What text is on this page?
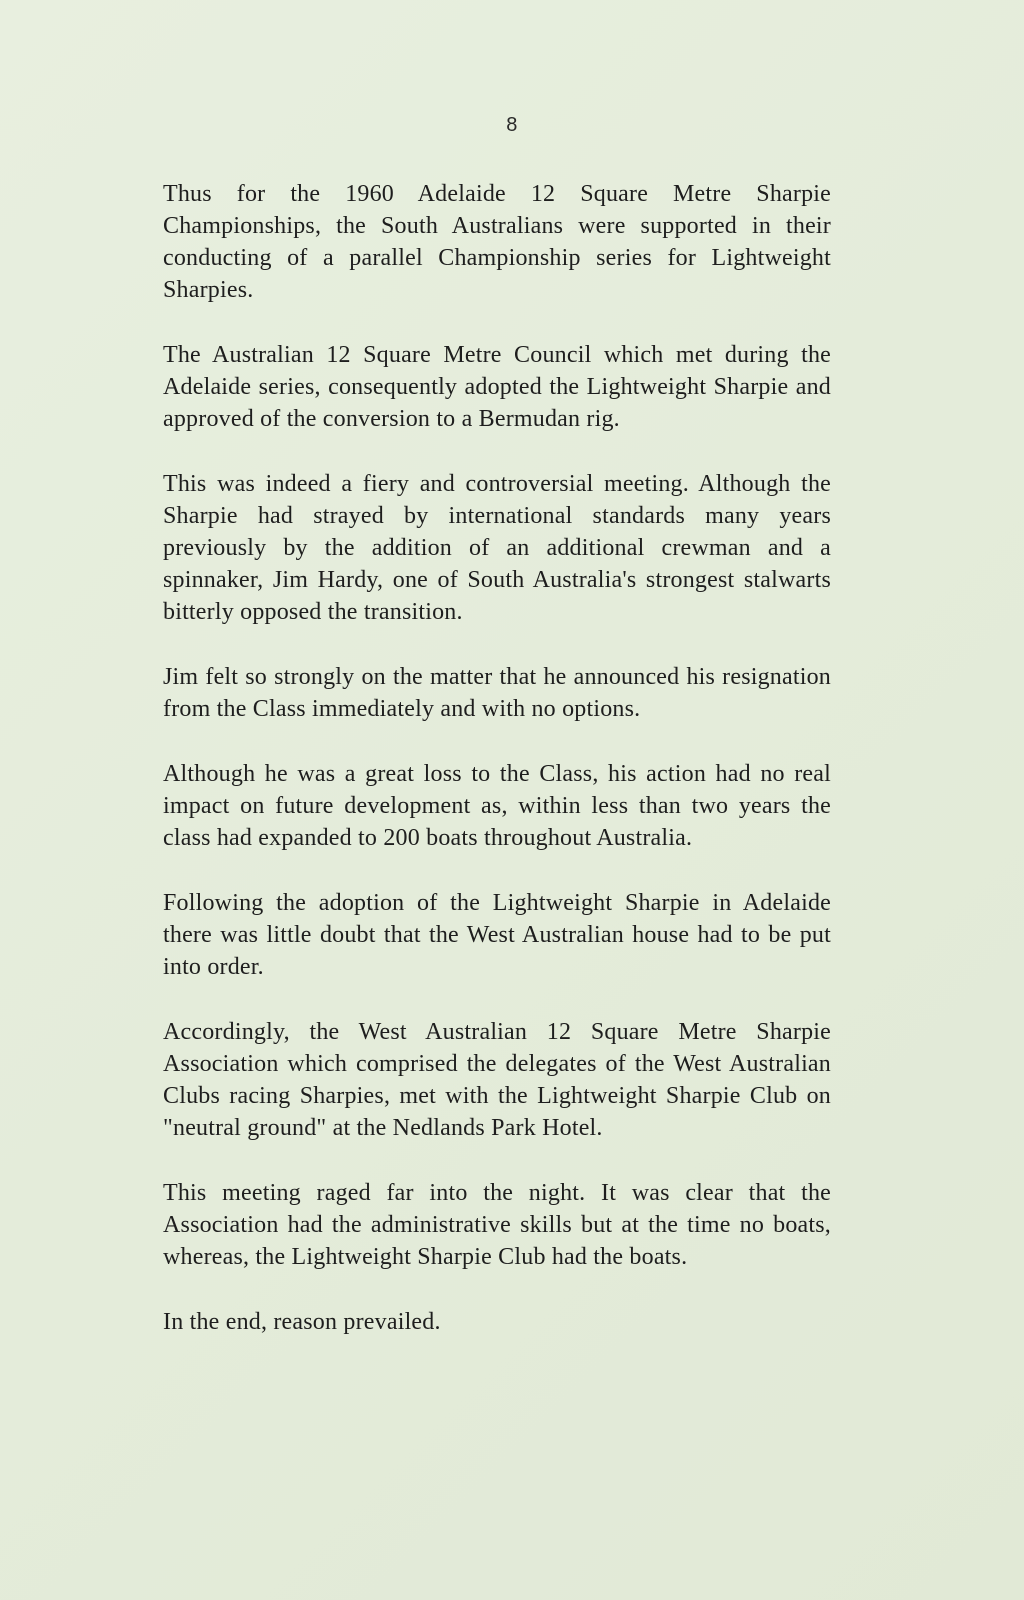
8

Thus for the 1960 Adelaide 12 Square Metre Sharpie Championships, the South Australians were supported in their conducting of a parallel Championship series for Lightweight Sharpies.

The Australian 12 Square Metre Council which met during the Adelaide series, consequently adopted the Lightweight Sharpie and approved of the conversion to a Bermudan rig.

This was indeed a fiery and controversial meeting. Although the Sharpie had strayed by international standards many years previously by the addition of an additional crewman and a spinnaker, Jim Hardy, one of South Australia's strongest stalwarts bitterly opposed the transition.

Jim felt so strongly on the matter that he announced his resignation from the Class immediately and with no options.

Although he was a great loss to the Class, his action had no real impact on future development as, within less than two years the class had expanded to 200 boats throughout Australia.

Following the adoption of the Lightweight Sharpie in Adelaide there was little doubt that the West Australian house had to be put into order.

Accordingly, the West Australian 12 Square Metre Sharpie Association which comprised the delegates of the West Australian Clubs racing Sharpies, met with the Lightweight Sharpie Club on "neutral ground" at the Nedlands Park Hotel.

This meeting raged far into the night. It was clear that the Association had the administrative skills but at the time no boats, whereas, the Lightweight Sharpie Club had the boats.

In the end, reason prevailed.
